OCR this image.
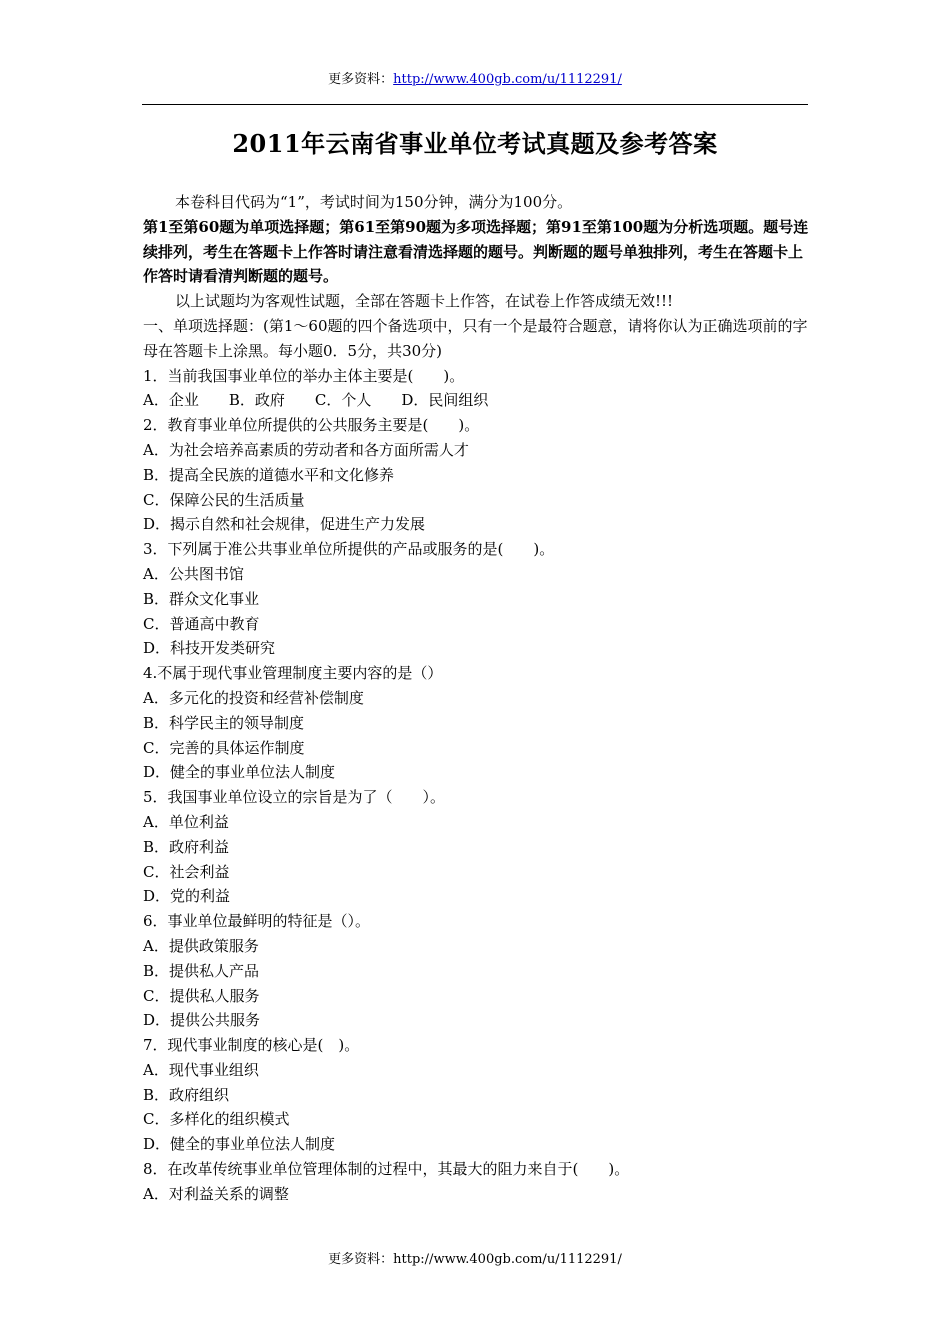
更多资料：http://www.400gb.com/u/1112291/
2011年云南省事业单位考试真题及参考答案

本卷科目代码为“1”，考试时间为150分钟，满分为100分。

第1至第60题为单项选择题；第61至第90题为多项选择题；第91至第100题为分析选项题。题号连续排列，考生在答题卡上作答时请注意看清选择题的题号。判断题的题号单独排列，考生在答题卡上作答时请看清判断题的题号。

以上试题均为客观性试题，全部在答题卡上作答，在试卷上作答成绩无效!!!

一、单项选择题：(第1～60题的四个备选项中，只有一个是最符合题意，请将你认为正确选项前的字母在答题卡上涂黑。每小题0．5分，共30分)

1．当前我国事业单位的举办主体主要是(　　)。

A．企业　　B．政府　　C．个人　　D．民间组织

2．教育事业单位所提供的公共服务主要是(　　)。

A．为社会培养高素质的劳动者和各方面所需人才

B．提高全民族的道德水平和文化修养

C．保障公民的生活质量

D．揭示自然和社会规律，促进生产力发展

3．下列属于准公共事业单位所提供的产品或服务的是(　　)。

A．公共图书馆

B．群众文化事业

C．普通高中教育

D．科技开发类研究

4.不属于现代事业管理制度主要内容的是（）

A．多元化的投资和经营补偿制度

B．科学民主的领导制度

C．完善的具体运作制度

D．健全的事业单位法人制度

5．我国事业单位设立的宗旨是为了（　　）。

A．单位利益

B．政府利益

C．社会利益

D．党的利益

6．事业单位最鲜明的特征是（）。

A．提供政策服务

B．提供私人产品

C．提供私人服务

D．提供公共服务

7．现代事业制度的核心是(　)。

A．现代事业组织

B．政府组织

C．多样化的组织模式

D．健全的事业单位法人制度

8．在改革传统事业单位管理体制的过程中，其最大的阻力来自于(　　)。

A．对利益关系的调整

更多资料：http://www.400gb.com/u/1112291/
